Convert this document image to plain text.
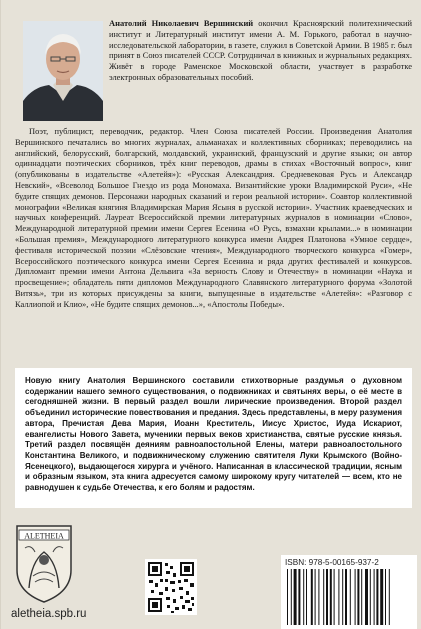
Анатолий Николаевич Вершинский окончил Красноярский политехнический институт и Литературный институт имени А. М. Горького, работал в научно-исследовательской лаборатории, в газете, служил в Советской Армии. В 1985 г. был принят в Союз писателей СССР. Сотрудничал в книжных и журнальных редакциях. Живёт в городе Раменское Московской области, участвует в разработке электронных образовательных пособий.

Поэт, публицист, переводчик, редактор. Член Союза писателей России. Произведения Анатолия Вершинского печатались во многих журналах, альманахах и коллективных сборниках; переводились на английский, белорусский, болгарский, молдавский, украинский, французский и другие языки; он автор одиннадцати поэтических сборников, трёх книг переводов, драмы в стихах «Восточный вопрос», книг (опубликованы в издательстве «Алетейя»): «Русская Александрия. Средневековая Русь и Александр Невский», «Всеволод Большое Гнездо из рода Мономаха. Византийские уроки Владимирской Руси», «Не будите спящих демонов. Персонажи народных сказаний и герои реальной истории». Соавтор коллективной монографии «Великая княгиня Владимирская Мария Ясыня в русской истории». Участник краеведческих и научных конференций. Лауреат Всероссийской премии литературных журналов в номинации «Слово», Международной литературной премии имени Сергея Есенина «О Русь, взмахни крылами...» в номинации «Большая премия», Международного литературного конкурса имени Андрея Платонова «Умное сердце», фестиваля исторической поэзии «Слёзовские чтения», Международного творческого конкурса «Гомер», Всероссийского поэтического конкурса имени Сергея Есенина и ряда других фестивалей и конкурсов. Дипломант премии имени Антона Дельвига «За верность Слову и Отечеству» в номинации «Наука и просвещение»; обладатель пяти дипломов Международного Славянского литературного форума «Золотой Витязь», три из которых присуждены за книги, выпущенные в издательстве «Алетейя»: «Разговор с Каллиопой и Клио», «Не будите спящих демонов...», «Апостолы Победы».

Новую книгу Анатолия Вершинского составили стихотворные раздумья о духовном содержании нашего земного существования, о подвижниках и святынях веры, о её месте в сегодняшней жизни. В первый раздел вошли лирические произведения. Второй раздел объединил исторические повествования и предания. Здесь представлены, в меру разумения автора, Пречистая Дева Мария, Иоанн Креститель, Иисус Христос, Иуда Искариот, евангелисты Нового Завета, мученики первых веков христианства, святые русские князья. Третий раздел посвящён деяниям равноапостольной Елены, матери равноапостольного Константина Великого, и подвижническому служению святителя Луки Крымского (Войно-Ясенецкого), выдающегося хирурга и учёного. Написанная в классической традиции, ясным и образным языком, эта книга адресуется самому широкому кругу читателей — всем, кто не равнодушен к судьбе Отечества, к его болям и радостям.

ALETHEIA
aletheia.spb.ru
ISBN: 978-5-00165-937-2
